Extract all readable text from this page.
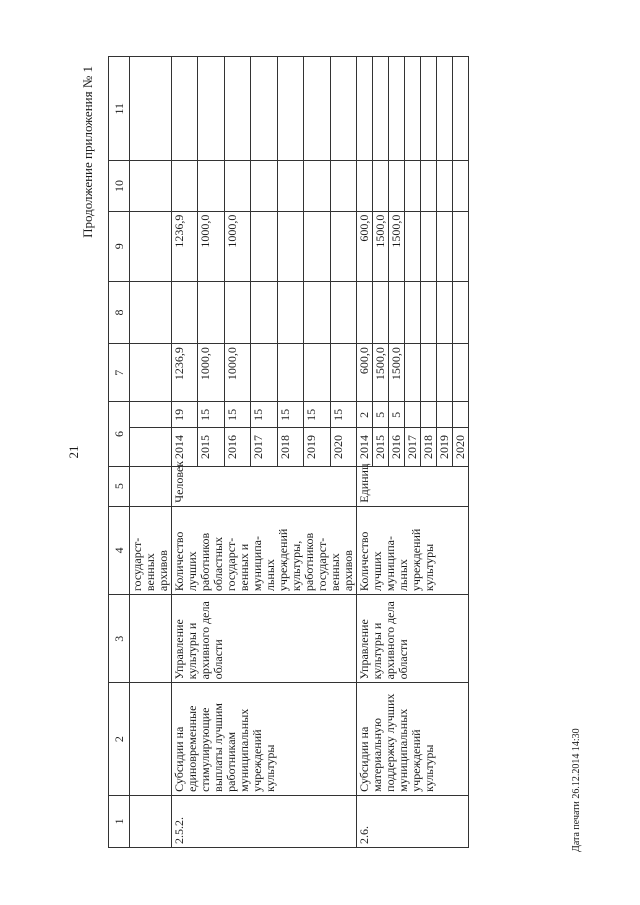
21
Продолжение приложения № 1
1	2	3	4	5	6		7	8	9	10	11
			государст-
венных
архивов								
2.5.2.	Субсидии на единовременные стимулирующие выплаты лучшим работникам муниципальных учреждений культуры	Управление культуры и архивного дела области	Количество лучших работников областных государст-венных и муниципа-льных учреждений культуры, работников государст-венных архивов	Человек	2014	19	1236,9		1236,9		
					2015	15	1000,0		1000,0		
					2016	15	1000,0		1000,0		
					2017	15					
					2018	15					
					2019	15					
					2020	15					
2.6.	Субсидии на материальную поддержку лучших муниципальных учреждений культуры	Управление культуры и архивного дела области	Количество лучших муниципа-льных учреждений культуры	Единиц	2014	2	600,0		600,0		
					2015	5	1500,0		1500,0		
					2016	5	1500,0		1500,0		
					2017						
					2018						
					2019						
					2020						
Дата печати 26.12.2014 14:30
